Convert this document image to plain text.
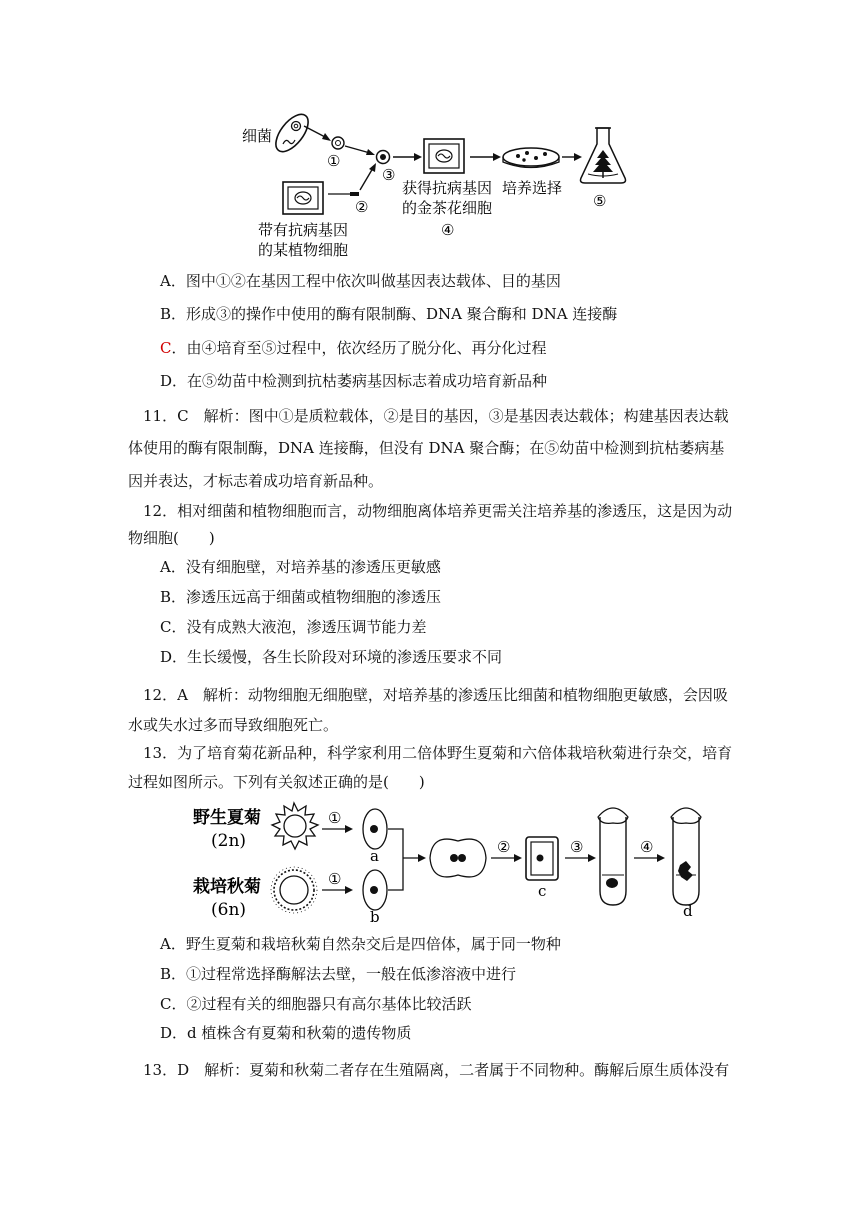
细菌
①
③
②
带有抗病基因
的某植物细胞
获得抗病基因
的金茶花细胞
④
培养选择
⑤
A．图中①②在基因工程中依次叫做基因表达载体、目的基因
B．形成③的操作中使用的酶有限制酶、DNA 聚合酶和 DNA 连接酶
C．由④培育至⑤过程中，依次经历了脱分化、再分化过程
D．在⑤幼苗中检测到抗枯萎病基因标志着成功培育新品种
11．C　解析：图中①是质粒载体，②是目的基因，③是基因表达载体；构建基因表达载
体使用的酶有限制酶，DNA 连接酶，但没有 DNA 聚合酶；在⑤幼苗中检测到抗枯萎病基
因并表达，才标志着成功培育新品种。
12．相对细菌和植物细胞而言，动物细胞离体培养更需关注培养基的渗透压，这是因为动
物细胞(　　)
A．没有细胞壁，对培养基的渗透压更敏感
B．渗透压远高于细菌或植物细胞的渗透压
C．没有成熟大液泡，渗透压调节能力差
D．生长缓慢，各生长阶段对环境的渗透压要求不同
12．A　解析：动物细胞无细胞壁，对培养基的渗透压比细菌和植物细胞更敏感，会因吸
水或失水过多而导致细胞死亡。
13．为了培育菊花新品种，科学家利用二倍体野生夏菊和六倍体栽培秋菊进行杂交，培育
过程如图所示。下列有关叙述正确的是(　　)
野生夏菊
(2n)
栽培秋菊
(6n)
①
①
a
b
②
c
③	④
d
A．野生夏菊和栽培秋菊自然杂交后是四倍体，属于同一物种
B．①过程常选择酶解法去壁，一般在低渗溶液中进行
C．②过程有关的细胞器只有高尔基体比较活跃
D．d 植株含有夏菊和秋菊的遗传物质
13．D　解析：夏菊和秋菊二者存在生殖隔离，二者属于不同物种。酶解后原生质体没有
